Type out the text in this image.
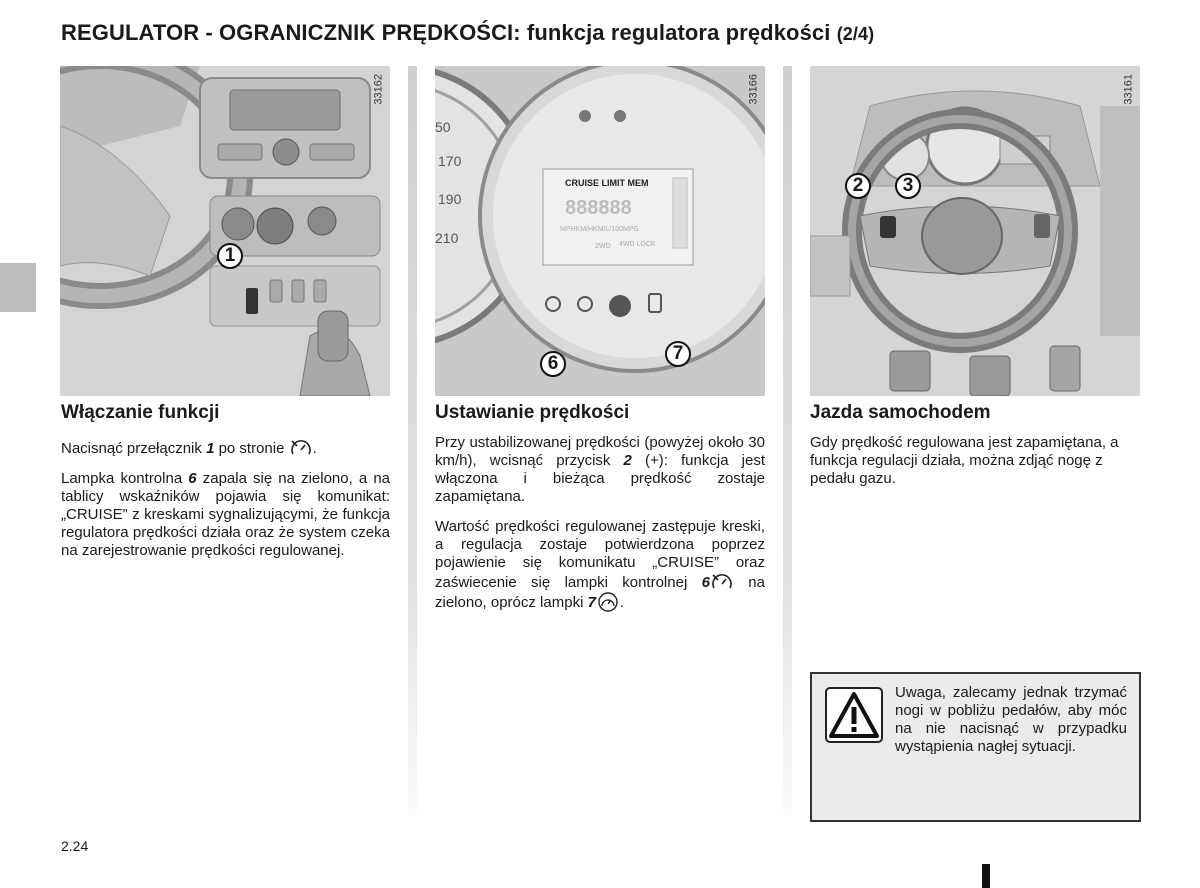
REGULATOR - OGRANICZNIK PRĘDKOŚCI: funkcja regulatora prędkości (2/4)
33162
1
50
170
190
210
CRUISE LIMIT MEM
888888
MPHKM/HKM/L/100MPG
2WD 4WD LOCK
33166
6	7
33161
2	3
Włączanie funkcji

Nacisnąć przełącznik 1 po stronie .

Lampka kontrolna 6 zapala się na zielono, a na tablicy wskaźników pojawia się komunikat: „CRUISE” z kreskami sygnalizującymi, że funkcja regulatora prędkości działa oraz że system czeka na zarejestrowanie prędkości regulowanej.

Ustawianie prędkości

Przy ustabilizowanej prędkości (powyżej około 30 km/h), wcisnąć przycisk 2 (+): funkcja jest włączona i bieżąca prędkość zostaje zapamiętana.

Wartość prędkości regulowanej zastępuje kreski, a regulacja zostaje potwierdzona poprzez pojawienie się komunikatu „CRUISE” oraz zaświecenie się lampki kontrolnej 6 na zielono, oprócz lampki 7 .

Jazda samochodem

Gdy prędkość regulowana jest zapamiętana, a funkcja regulacji działa, można zdjąć nogę z pedału gazu.

Uwaga, zalecamy jednak trzymać nogi w pobliżu pedałów, aby móc na nie nacisnąć w przypadku wystąpienia nagłej sytuacji.
2.24
